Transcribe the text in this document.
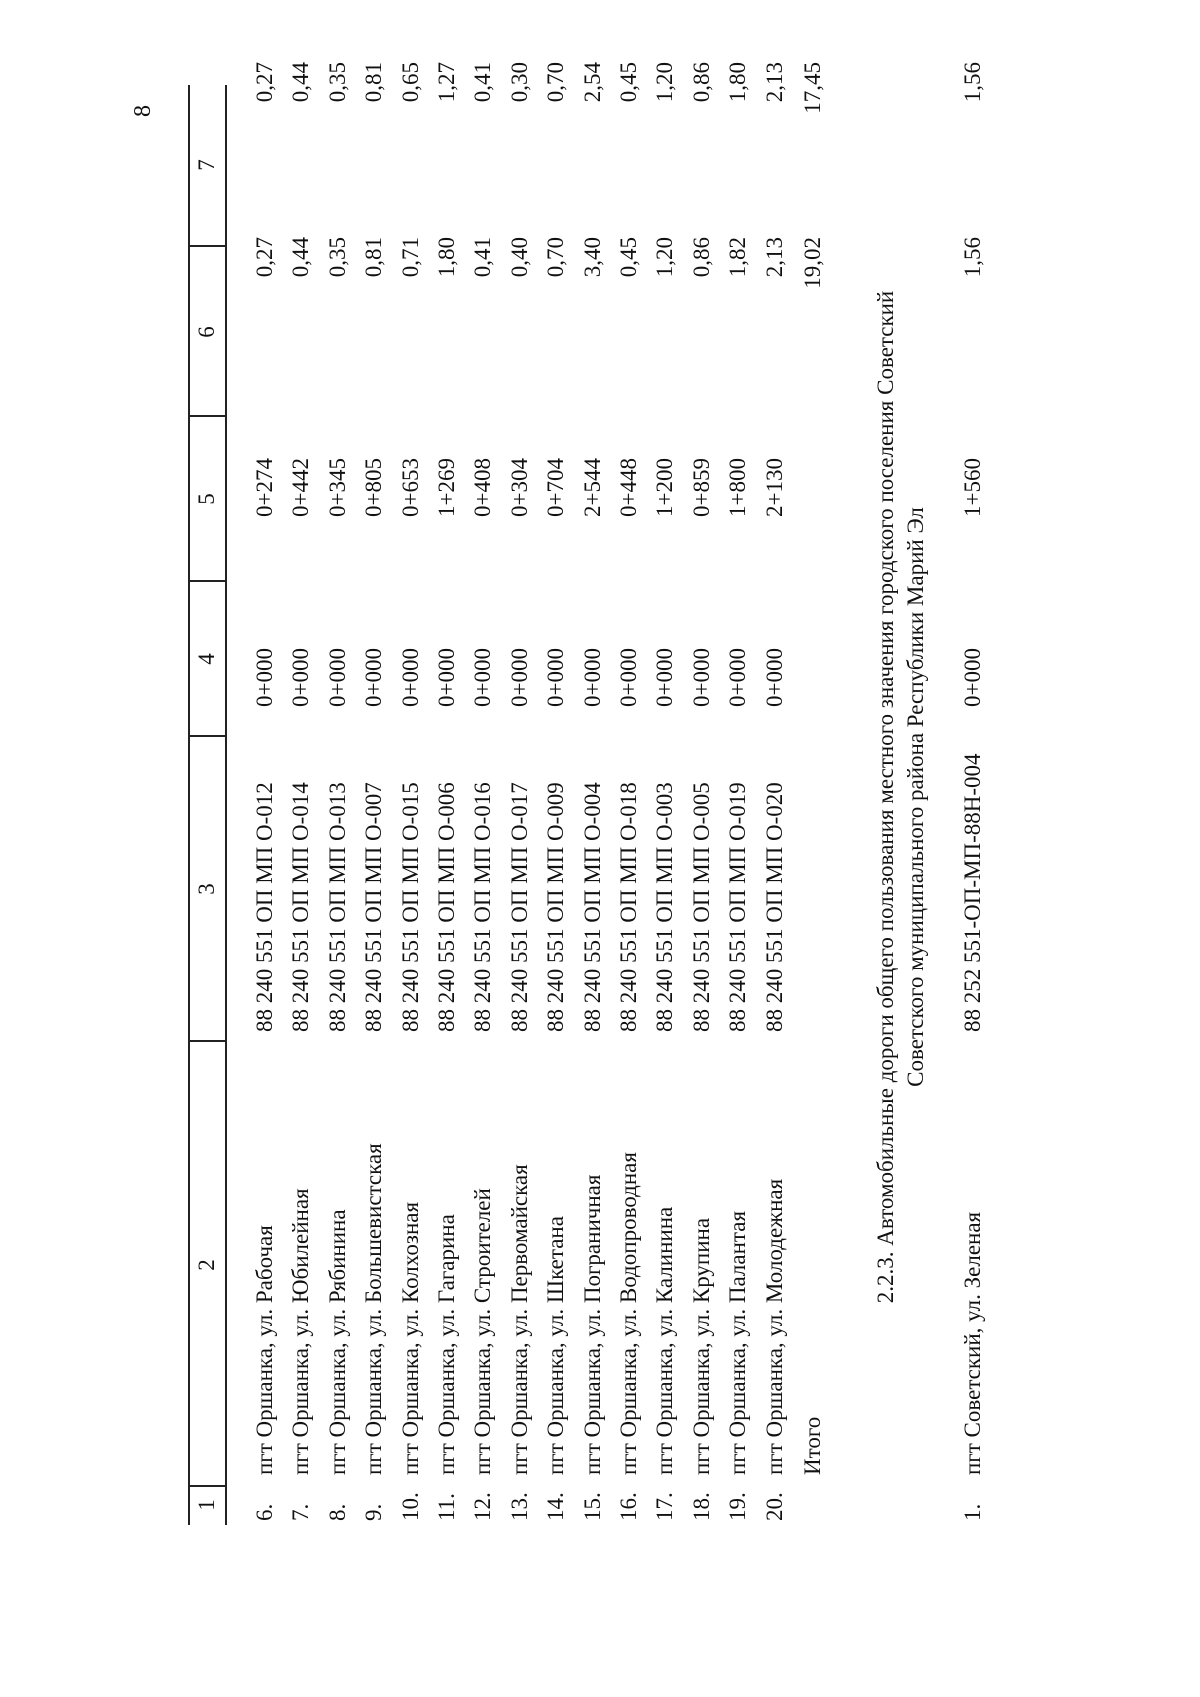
8
1
2
3
4
5
6
7
6.
пгт Оршанка, ул. Рабочая
88 240 551 ОП МП О-012
0+000
0+274
0,27
0,27
7.
пгт Оршанка, ул. Юбилейная
88 240 551 ОП МП О-014
0+000
0+442
0,44
0,44
8.
пгт Оршанка, ул. Рябинина
88 240 551 ОП МП О-013
0+000
0+345
0,35
0,35
9.
пгт Оршанка, ул. Большевистская
88 240 551 ОП МП О-007
0+000
0+805
0,81
0,81
10.
пгт Оршанка, ул. Колхозная
88 240 551 ОП МП О-015
0+000
0+653
0,71
0,65
11.
пгт Оршанка, ул. Гагарина
88 240 551 ОП МП О-006
0+000
1+269
1,80
1,27
12.
пгт Оршанка, ул. Строителей
88 240 551 ОП МП О-016
0+000
0+408
0,41
0,41
13.
пгт Оршанка, ул. Первомайская
88 240 551 ОП МП О-017
0+000
0+304
0,40
0,30
14.
пгт Оршанка, ул. Шкетана
88 240 551 ОП МП О-009
0+000
0+704
0,70
0,70
15.
пгт Оршанка, ул. Пограничная
88 240 551 ОП МП О-004
0+000
2+544
3,40
2,54
16.
пгт Оршанка, ул. Водопроводная
88 240 551 ОП МП О-018
0+000
0+448
0,45
0,45
17.
пгт Оршанка, ул. Калинина
88 240 551 ОП МП О-003
0+000
1+200
1,20
1,20
18.
пгт Оршанка, ул. Крупина
88 240 551 ОП МП О-005
0+000
0+859
0,86
0,86
19.
пгт Оршанка, ул. Палантая
88 240 551 ОП МП О-019
0+000
1+800
1,82
1,80
20.
пгт Оршанка, ул. Молодежная
88 240 551 ОП МП О-020
0+000
2+130
2,13
2,13
Итого
19,02
17,45
2.2.3. Автомобильные дороги общего пользования местного значения городского поселения Советский Советского муниципального района Республики Марий Эл
1.
пгт Советский, ул. Зеленая
88 252 551-ОП-МП-88Н-004
0+000
1+560
1,56
1,56
